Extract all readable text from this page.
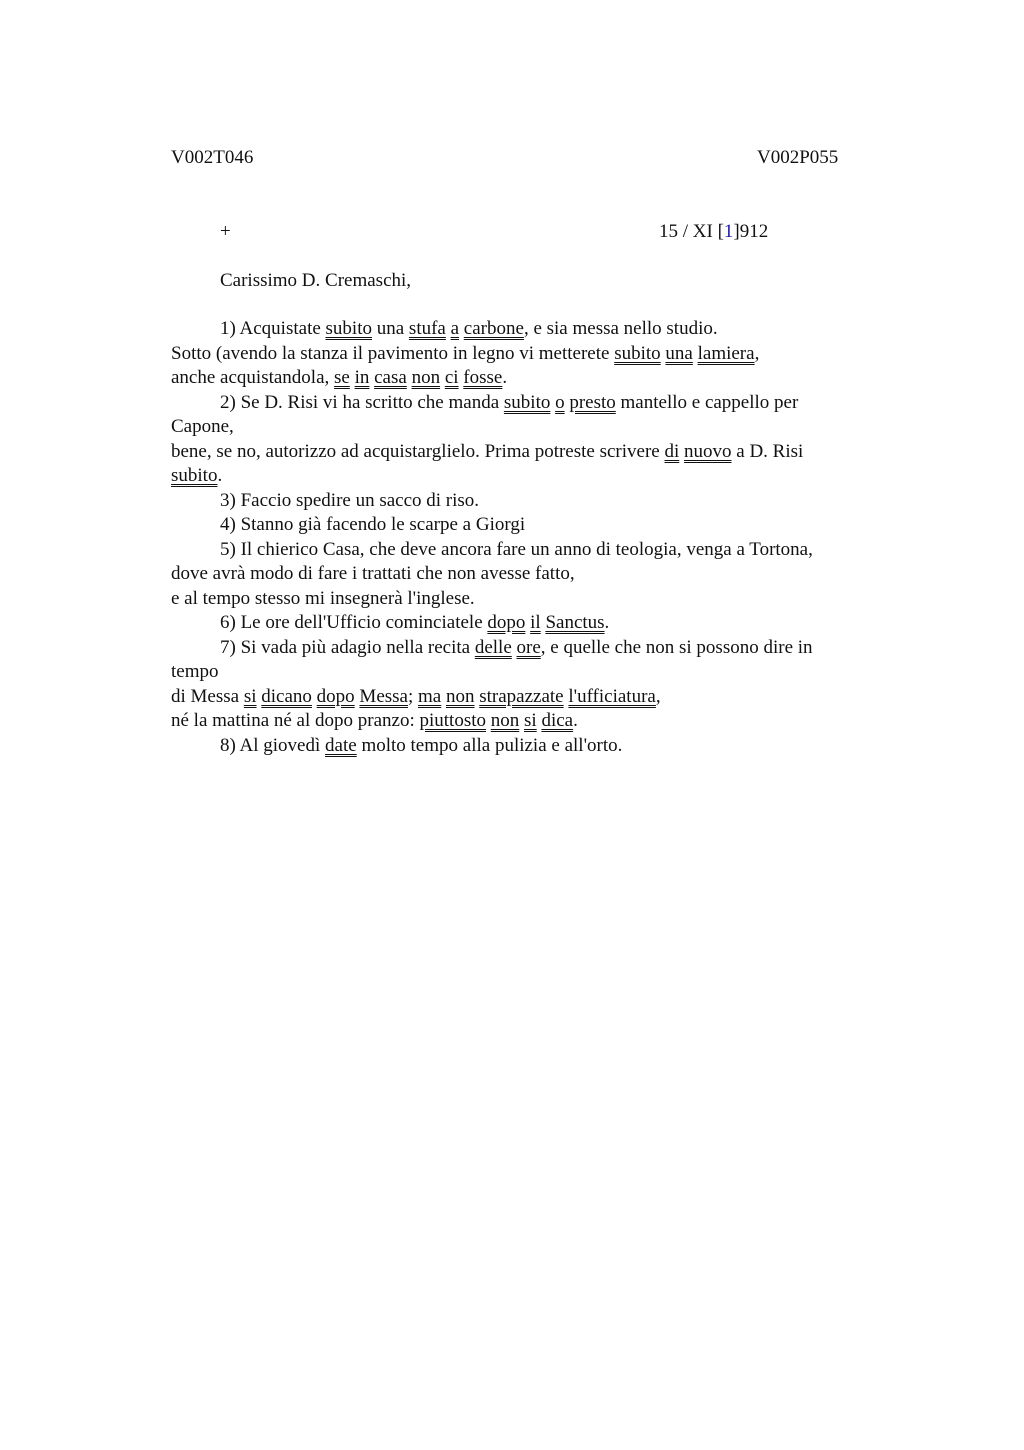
V002T046	V002P055
+	15 / XI [1]912
Carissimo D. Cremaschi,
1) Acquistate subito una stufa a carbone, e sia messa nello studio.
Sotto (avendo la stanza il pavimento in legno vi metterete subito una lamiera,
anche acquistandola, se in casa non ci fosse.
2) Se D. Risi vi ha scritto che manda subito o presto mantello e cappello per
Capone,
bene, se no, autorizzo ad acquistarglielo. Prima potreste scrivere di nuovo a D. Risi
subito.
3) Faccio spedire un sacco di riso.
4) Stanno già facendo le scarpe a Giorgi
5) Il chierico Casa, che deve ancora fare un anno di teologia, venga a Tortona,
dove avrà modo di fare i trattati che non avesse fatto,
e al tempo stesso mi insegnerà l'inglese.
6) Le ore dell'Ufficio cominciatele dopo il Sanctus.
7) Si vada più adagio nella recita delle ore, e quelle che non si possono dire in
tempo
di Messa si dicano dopo Messa; ma non strapazzate l'ufficiatura,
né la mattina né al dopo pranzo: piuttosto non si dica.
8) Al giovedì date molto tempo alla pulizia e all'orto.
